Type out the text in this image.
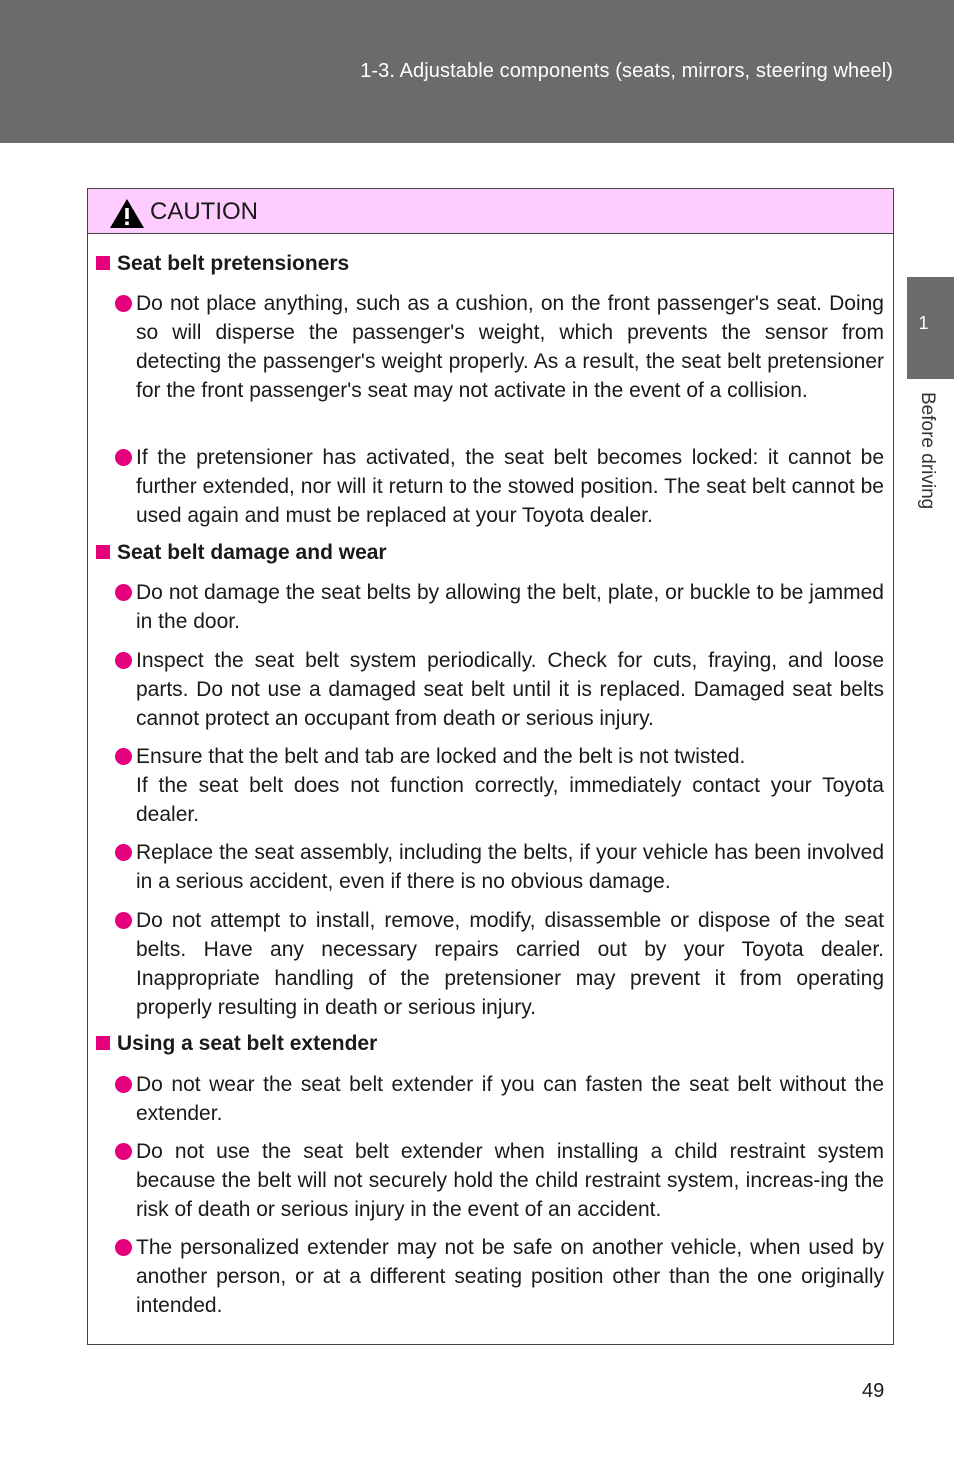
1-3. Adjustable components (seats, mirrors, steering wheel)
1
Before driving
CAUTION
Seat belt pretensioners
Do not place anything, such as a cushion, on the front passenger's seat. Doing so will disperse the passenger's weight, which prevents the sensor from detecting the passenger's weight properly. As a result, the seat belt pretensioner for the front passenger's seat may not activate in the event of a collision.
If the pretensioner has activated, the seat belt becomes locked: it cannot be further extended, nor will it return to the stowed position. The seat belt cannot be used again and must be replaced at your Toyota dealer.
Seat belt damage and wear
Do not damage the seat belts by allowing the belt, plate, or buckle to be jammed in the door.
Inspect the seat belt system periodically. Check for cuts, fraying, and loose parts. Do not use a damaged seat belt until it is replaced. Damaged seat belts cannot protect an occupant from death or serious injury.
Ensure that the belt and tab are locked and the belt is not twisted.
If the seat belt does not function correctly, immediately contact your Toyota dealer.
Replace the seat assembly, including the belts, if your vehicle has been involved in a serious accident, even if there is no obvious damage.
Do not attempt to install, remove, modify, disassemble or dispose of the seat belts. Have any necessary repairs carried out by your Toyota dealer. Inappropriate handling of the pretensioner may prevent it from operating properly resulting in death or serious injury.
Using a seat belt extender
Do not wear the seat belt extender if you can fasten the seat belt without the extender.
Do not use the seat belt extender when installing a child restraint system because the belt will not securely hold the child restraint system, increas-ing the risk of death or serious injury in the event of an accident.
The personalized extender may not be safe on another vehicle, when used by another person, or at a different seating position other than the one originally intended.
49
